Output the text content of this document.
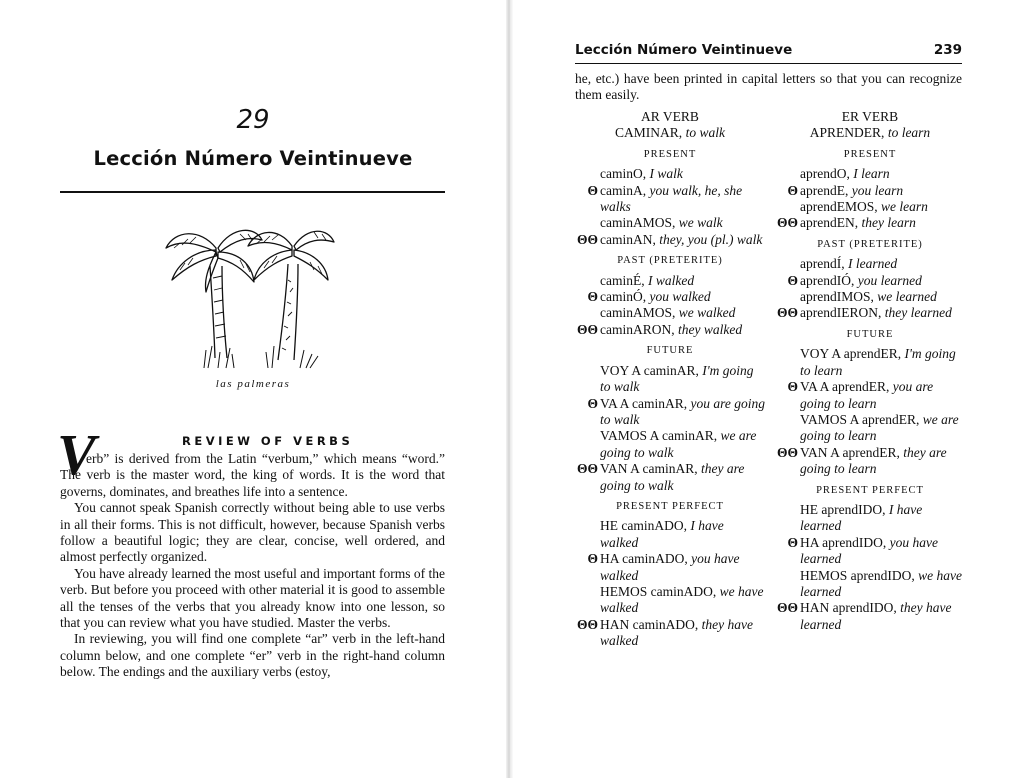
29
Lección Número Veintinueve
las palmeras
V	REVIEW OF VERBS

erb” is derived from the Latin “verbum,” which means “word.” The verb is the master word, the king of words. It is the word that governs, dominates, and breathes life into a sentence.

You cannot speak Spanish correctly without being able to use verbs in all their forms. This is not difficult, however, because Spanish verbs follow a beautiful logic; they are clear, concise, well ordered, and almost perfectly organized.

You have already learned the most useful and important forms of the verb. But before you proceed with other material it is good to assemble all the tenses of the verbs that you already know into one lesson, so that you can review what you have studied. Master the verbs.

In reviewing, you will find one complete “ar” verb in the left-hand column below, and one complete “er” verb in the right-hand column below. The endings and the auxiliary verbs (estoy,

Lección Número Veintinueve	239
he, etc.) have been printed in capital letters so that you can recognize them easily.
AR VERB
CAMINAR, to walk
PRESENT
caminO, I walk
Θ caminA, you walk, he, she walks
caminAMOS, we walk
ΘΘ caminAN, they, you (pl.) walk
PAST (PRETERITE)
caminÉ, I walked
Θ caminÓ, you walked
caminAMOS, we walked
ΘΘ caminARON, they walked
FUTURE
VOY A caminAR, I'm going to walk
Θ VA A caminAR, you are going to walk
VAMOS A caminAR, we are going to walk
ΘΘ VAN A caminAR, they are going to walk
PRESENT PERFECT
HE caminADO, I have walked
Θ HA caminADO, you have walked
HEMOS caminADO, we have walked
ΘΘ HAN caminADO, they have walked
ER VERB
APRENDER, to learn
PRESENT
aprendO, I learn
Θ aprendE, you learn
aprendEMOS, we learn
ΘΘ aprendEN, they learn
PAST (PRETERITE)
aprendÍ, I learned
Θ aprendIÓ, you learned
aprendIMOS, we learned
ΘΘ aprendIERON, they learned
FUTURE
VOY A aprendER, I'm going to learn
Θ VA A aprendER, you are going to learn
VAMOS A aprendER, we are going to learn
ΘΘ VAN A aprendER, they are going to learn
PRESENT PERFECT
HE aprendIDO, I have learned
Θ HA aprendIDO, you have learned
HEMOS aprendIDO, we have learned
ΘΘ HAN aprendIDO, they have learned
